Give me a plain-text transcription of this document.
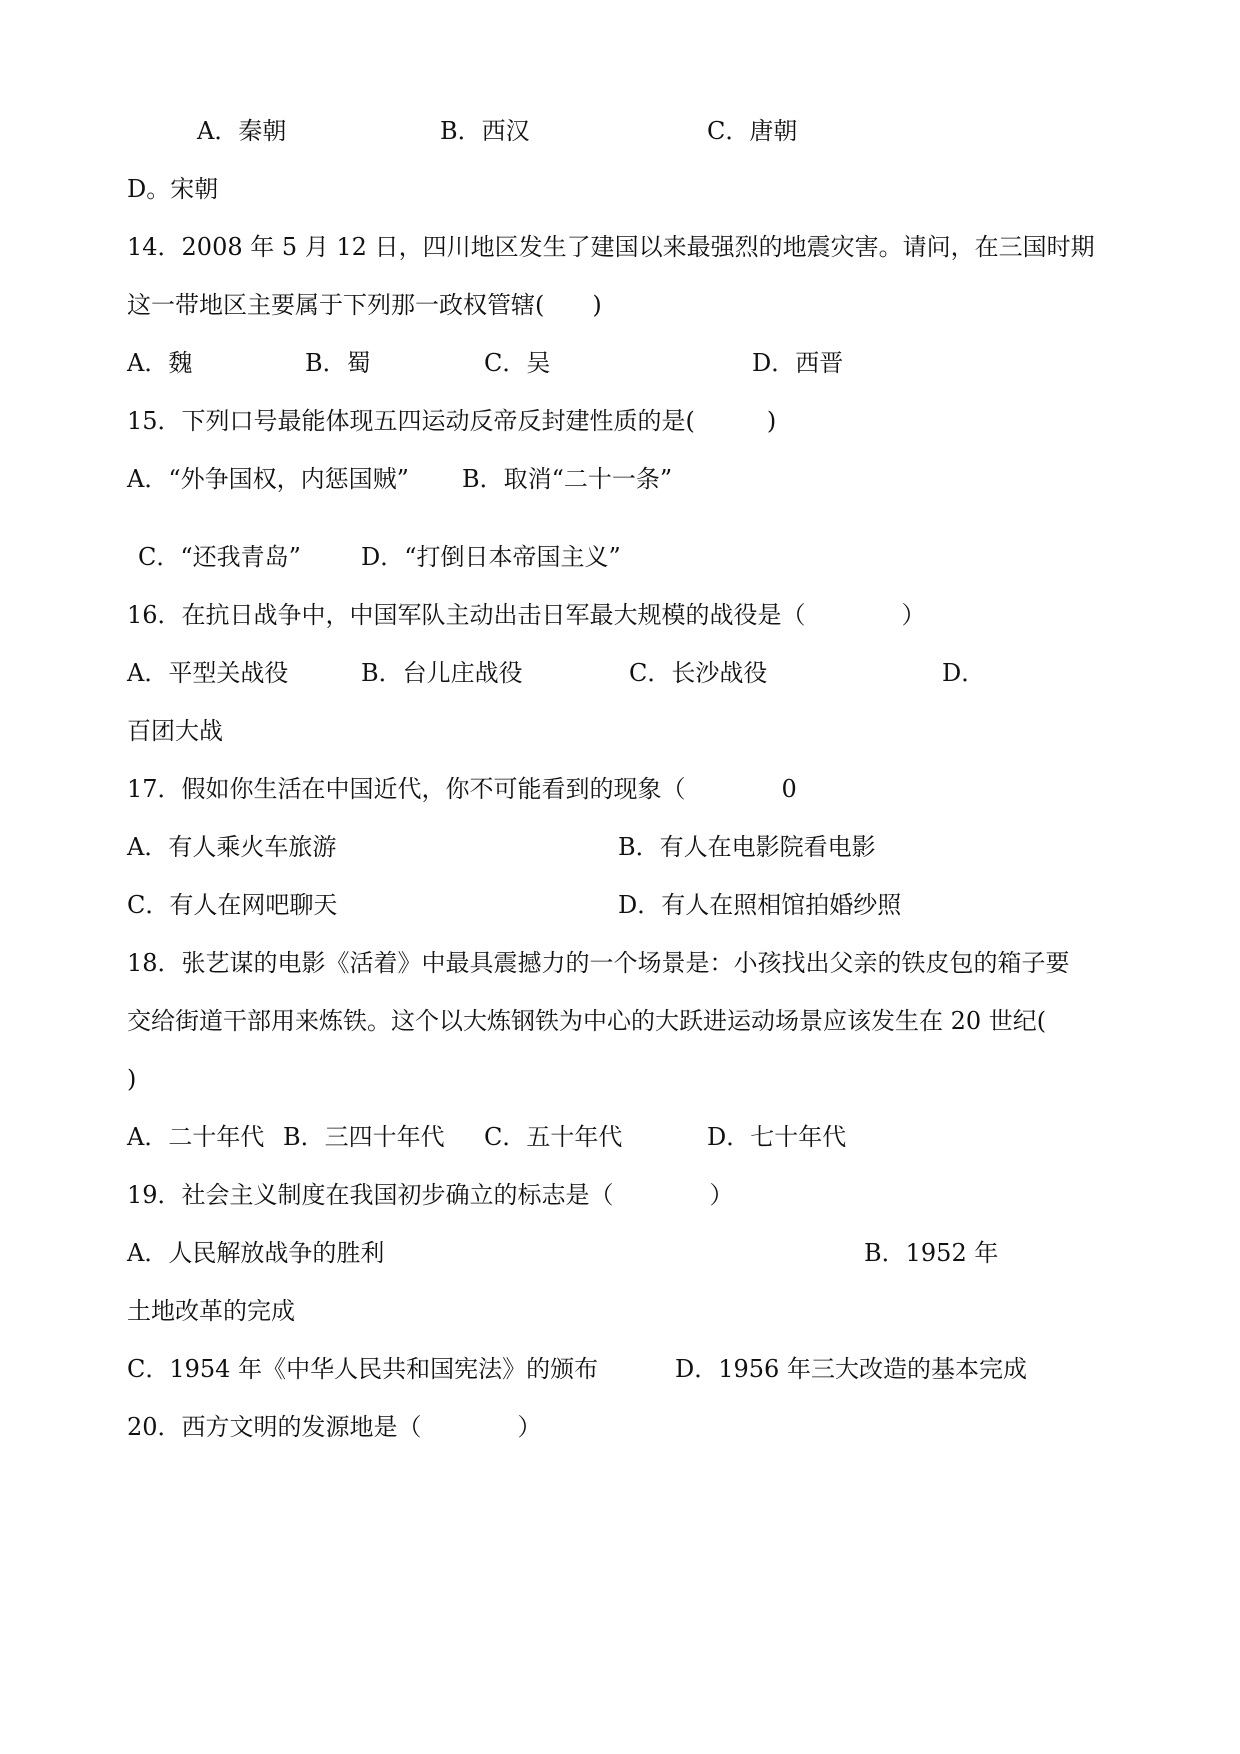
A．秦朝	B．西汉	C．唐朝
D。宋朝
14．2008 年 5 月 12 日，四川地区发生了建国以来最强烈的地震灾害。请问，在三国时期
这一带地区主要属于下列那一政权管辖(　　)
A．魏	B．蜀	C．吴	D．西晋
15．下列口号最能体现五四运动反帝反封建性质的是(　　　)
A．“外争国权，内惩国贼” B．取消“二十一条”
C．“还我青岛”	D．“打倒日本帝国主义”
16．在抗日战争中，中国军队主动出击日军最大规模的战役是（　　　　）
A．平型关战役	B．台儿庄战役	C．长沙战役	D．
百团大战
17．假如你生活在中国近代，你不可能看到的现象（　　　　0
A．有人乘火车旅游	B．有人在电影院看电影
C．有人在网吧聊天	D．有人在照相馆拍婚纱照
18．张艺谋的电影《活着》中最具震撼力的一个场景是：小孩找出父亲的铁皮包的箱子要
交给街道干部用来炼铁。这个以大炼钢铁为中心的大跃进运动场景应该发生在 20 世纪(
)
A．二十年代 B．三四十年代 C．五十年代	D．七十年代
19．社会主义制度在我国初步确立的标志是（　　　　）
A．人民解放战争的胜利	B．1952 年
土地改革的完成
C．1954 年《中华人民共和国宪法》的颁布	D．1956 年三大改造的基本完成
20．西方文明的发源地是（　　　　）
